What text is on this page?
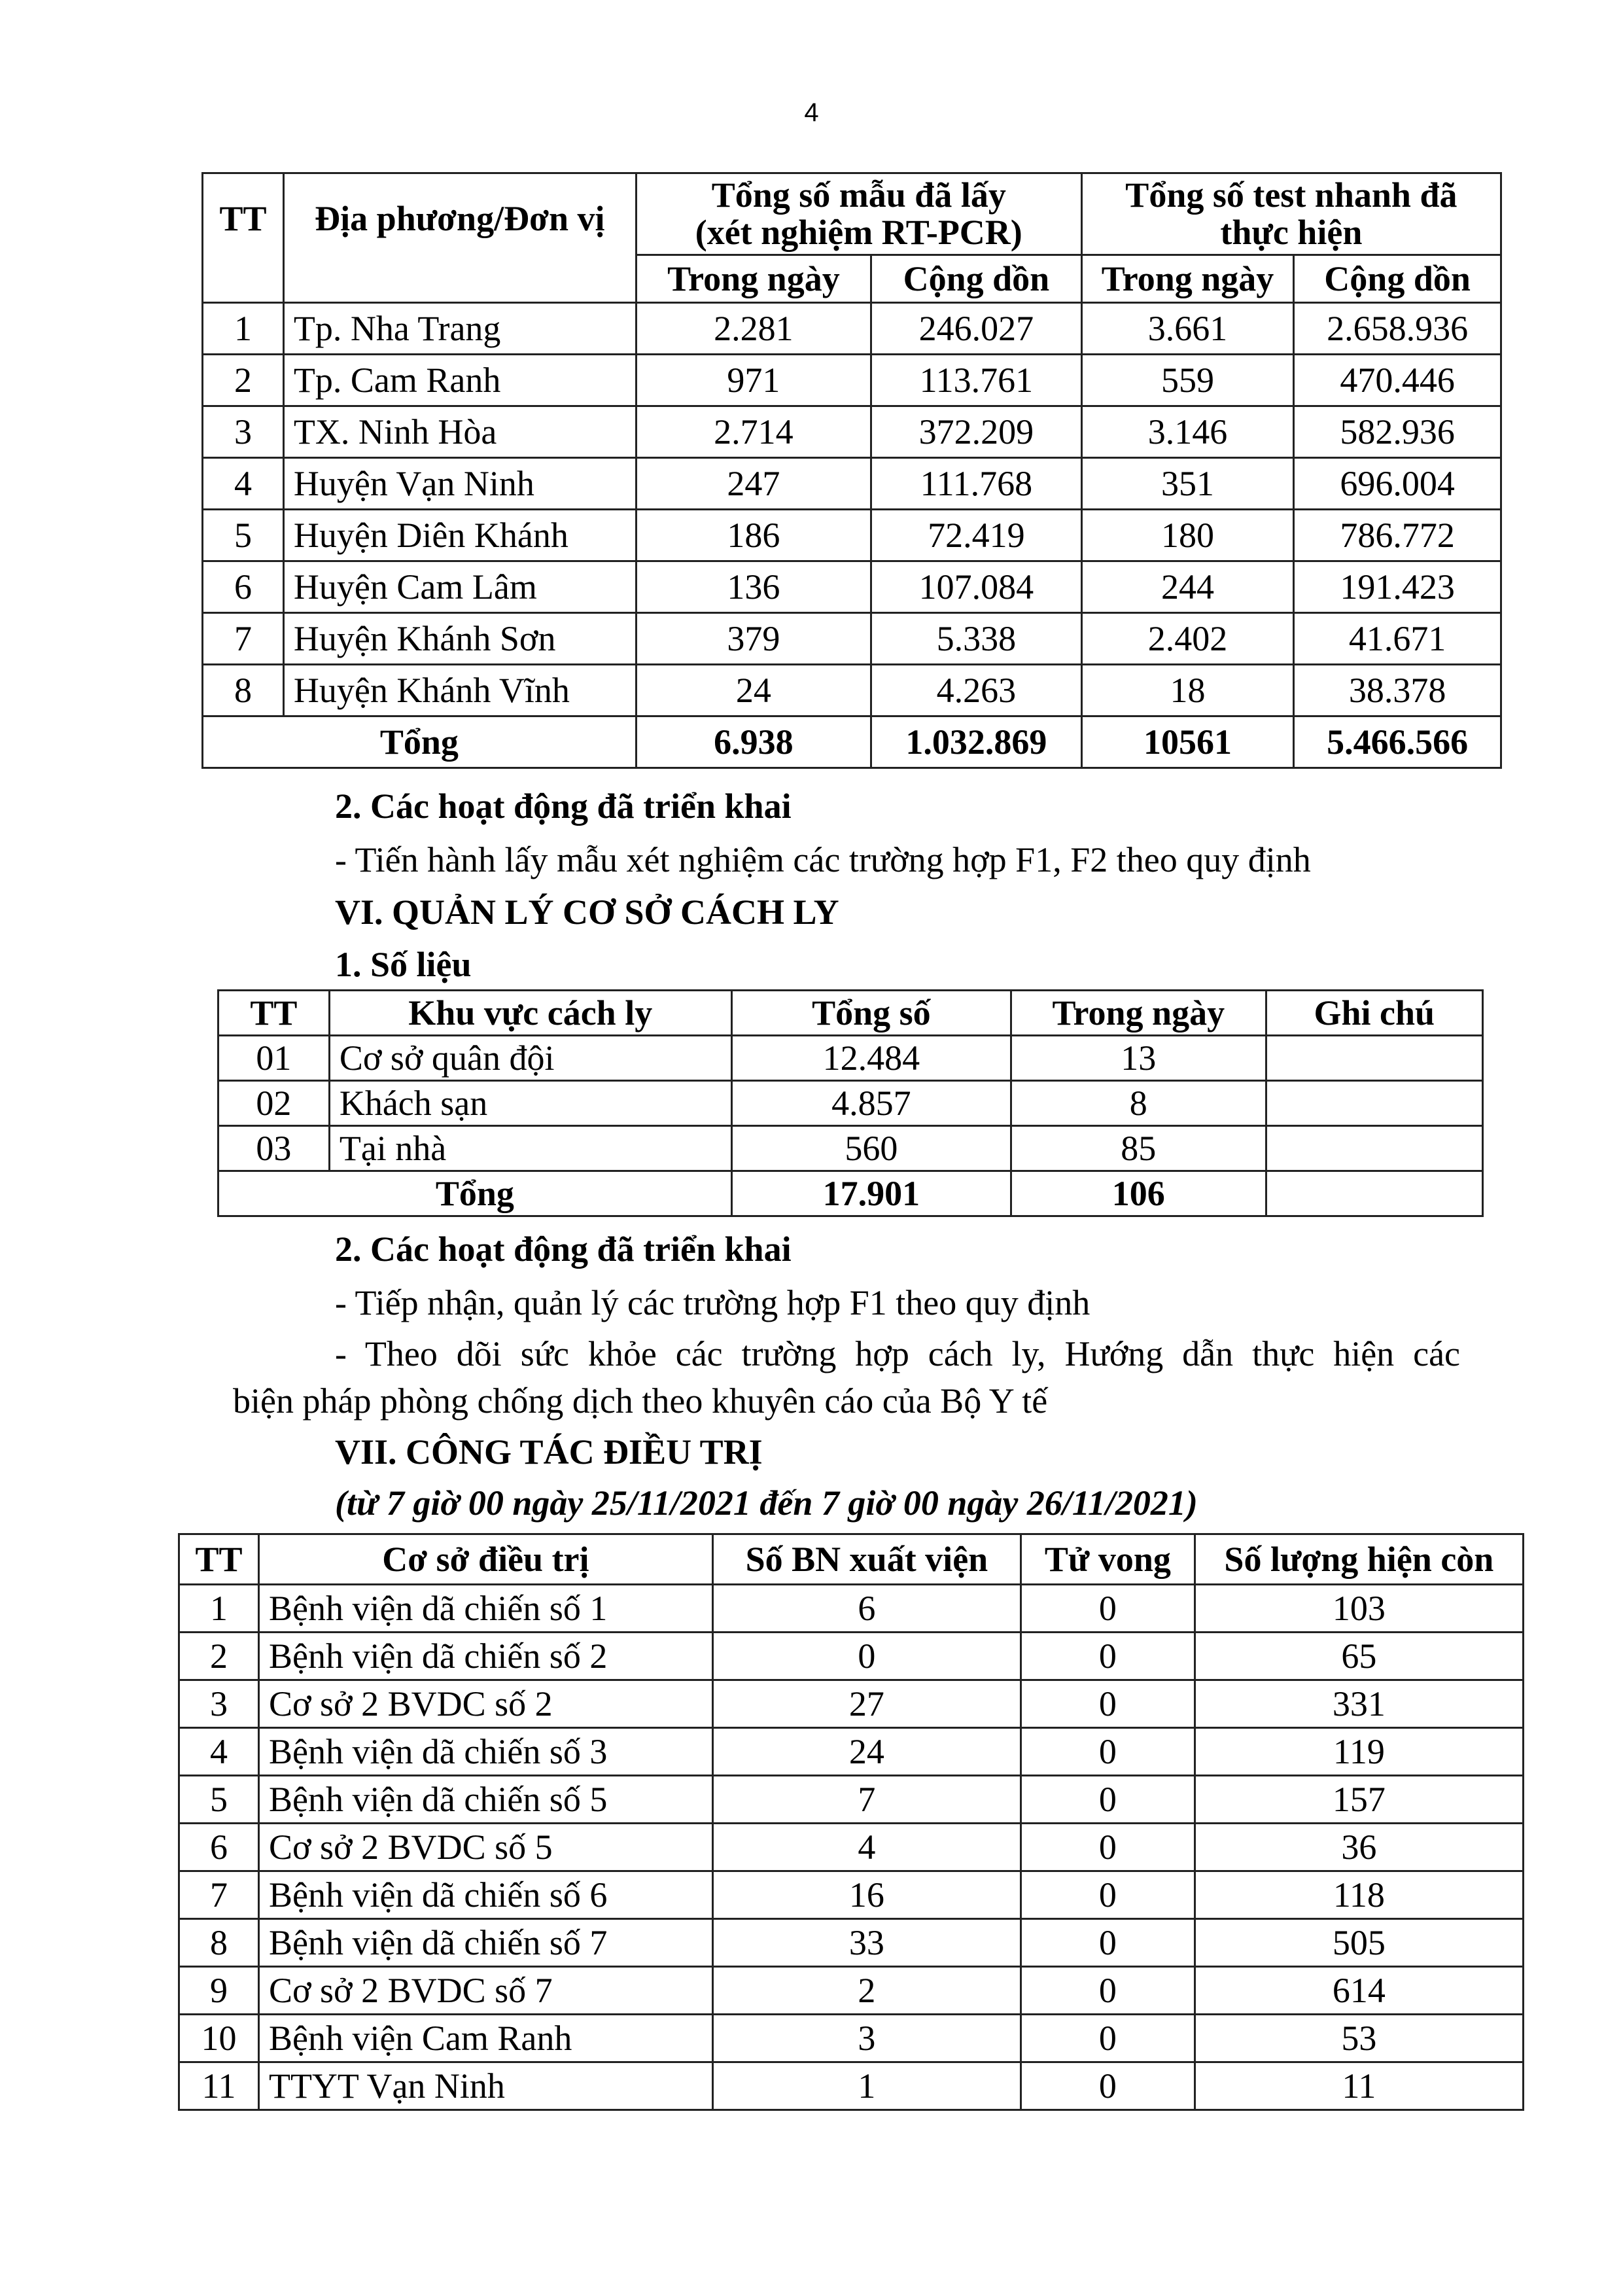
4
TT	Địa phương/Đơn vị	
Tổng số mẫu đã lấy
(xét nghiệm RT-PCR)

Tổng số test nhanh đã
thực hiện

		Trong ngày	Cộng dồn	Trong ngày	Cộng dồn
1	Tp. Nha Trang	2.281	246.027	3.661	2.658.936
2	Tp. Cam Ranh	971	113.761	559	470.446
3	TX. Ninh Hòa	2.714	372.209	3.146	582.936
4	Huyện Vạn Ninh	247	111.768	351	696.004
5	Huyện Diên Khánh	186	72.419	180	786.772
6	Huyện Cam Lâm	136	107.084	244	191.423
7	Huyện Khánh Sơn	379	5.338	2.402	41.671
8	Huyện Khánh Vĩnh	24	4.263	18	38.378
Tổng		6.938	1.032.869	10561	5.466.566
2. Các hoạt động đã triển khai
- Tiến hành lấy mẫu xét nghiệm các trường hợp F1, F2 theo quy định
VI. QUẢN LÝ CƠ SỞ CÁCH LY
1. Số liệu
TT	Khu vực cách ly	Tổng số	Trong ngày	Ghi chú
01	Cơ sở quân đội	12.484	13	
02	Khách sạn	4.857	8	
03	Tại nhà	560	85	
Tổng		17.901	106	
2. Các hoạt động đã triển khai
- Tiếp nhận, quản lý các trường hợp F1 theo quy định
- Theo dõi sức khỏe các trường hợp cách ly, Hướng dẫn thực hiện các
biện pháp phòng chống dịch theo khuyên cáo của Bộ Y tế
VII. CÔNG TÁC ĐIỀU TRỊ
(từ 7 giờ 00 ngày 25/11/2021 đến 7 giờ 00 ngày 26/11/2021)
TT	Cơ sở điều trị	Số BN xuất viện	Tử vong	Số lượng hiện còn
1	Bệnh viện dã chiến số 1	6	0	103
2	Bệnh viện dã chiến số 2	0	0	65
3	Cơ sở 2 BVDC số 2	27	0	331
4	Bệnh viện dã chiến số 3	24	0	119
5	Bệnh viện dã chiến số 5	7	0	157
6	Cơ sở 2 BVDC số 5	4	0	36
7	Bệnh viện dã chiến số 6	16	0	118
8	Bệnh viện dã chiến số 7	33	0	505
9	Cơ sở 2 BVDC số 7	2	0	614
10	Bệnh viện Cam Ranh	3	0	53
11	TTYT Vạn Ninh	1	0	11
